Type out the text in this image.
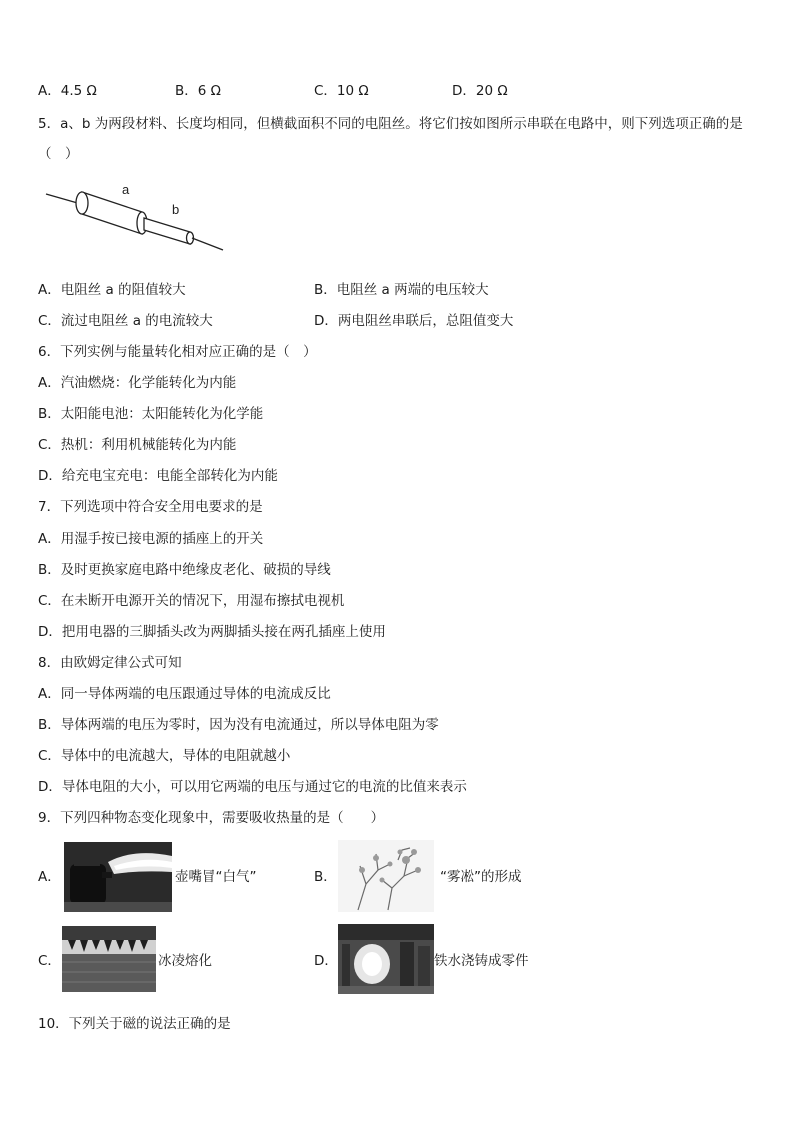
A．4.5 Ω	B．6 Ω	C．10 Ω	D．20 Ω
5．a、b 为两段材料、长度均相同，但横截面积不同的电阻丝。将它们按如图所示串联在电路中，则下列选项正确的是
（　）
a
b
A．电阻丝 a 的阻值较大	B．电阻丝 a 两端的电压较大
C．流过电阻丝 a 的电流较大	D．两电阻丝串联后，总阻值变大
6．下列实例与能量转化相对应正确的是（　）
A．汽油燃烧：化学能转化为内能
B．太阳能电池：太阳能转化为化学能
C．热机：利用机械能转化为内能
D．给充电宝充电：电能全部转化为内能
7．下列选项中符合安全用电要求的是
A．用湿手按已接电源的插座上的开关
B．及时更换家庭电路中绝缘皮老化、破损的导线
C．在未断开电源开关的情况下，用湿布擦拭电视机
D．把用电器的三脚插头改为两脚插头接在两孔插座上使用
8．由欧姆定律公式可知
A．同一导体两端的电压跟通过导体的电流成反比
B．导体两端的电压为零时，因为没有电流通过，所以导体电阻为零
C．导体中的电流越大，导体的电阻就越小
D．导体电阻的大小，可以用它两端的电压与通过它的电流的比值来表示
9．下列四种物态变化现象中，需要吸收热量的是（　　）
A．	壶嘴冒“白气”	B．	“雾凇”的形成
C．	冰凌熔化	D．	铁水浇铸成零件
10．下列关于磁的说法正确的是
